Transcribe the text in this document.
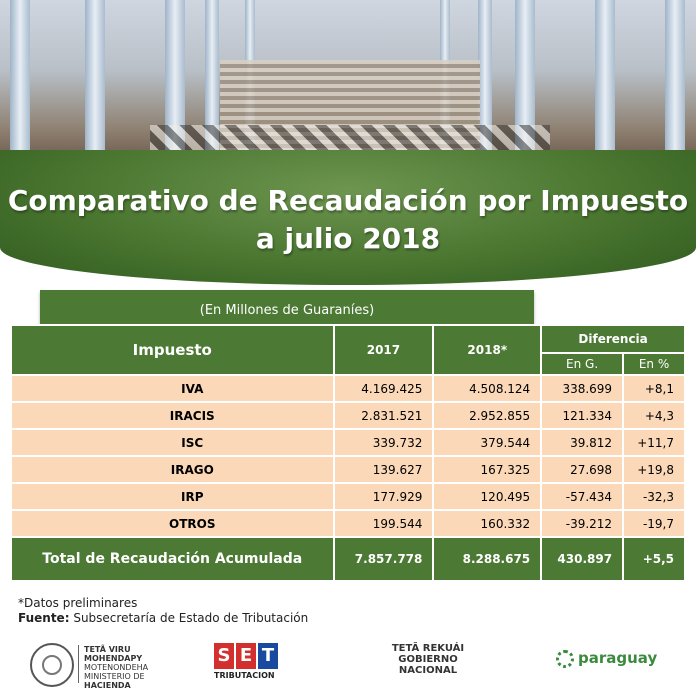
Comparativo de Recaudación por Impuesto
a julio 2018
(En Millones de Guaraníes)
Impuesto	2017	2018*	Diferencia	
			En G.	En %
IVA	4.169.425	4.508.124	338.699	+8,1
IRACIS	2.831.521	2.952.855	121.334	+4,3
ISC	339.732	379.544	39.812	+11,7
IRAGO	139.627	167.325	27.698	+19,8
IRP	177.929	120.495	-57.434	-32,3
OTROS	199.544	160.332	-39.212	-19,7
Total de Recaudación Acumulada	7.857.778	8.288.675	430.897	+5,5
*Datos preliminares
Fuente: Subsecretaría de Estado de Tributación
TETÃ VIRU
MOHENDAPY
MOTENONDEHA
MINISTERIO DE
HACIENDA
S E T
TRIBUTACION
TETÃ REKUÁI
GOBIERNO NACIONAL
paraguay
